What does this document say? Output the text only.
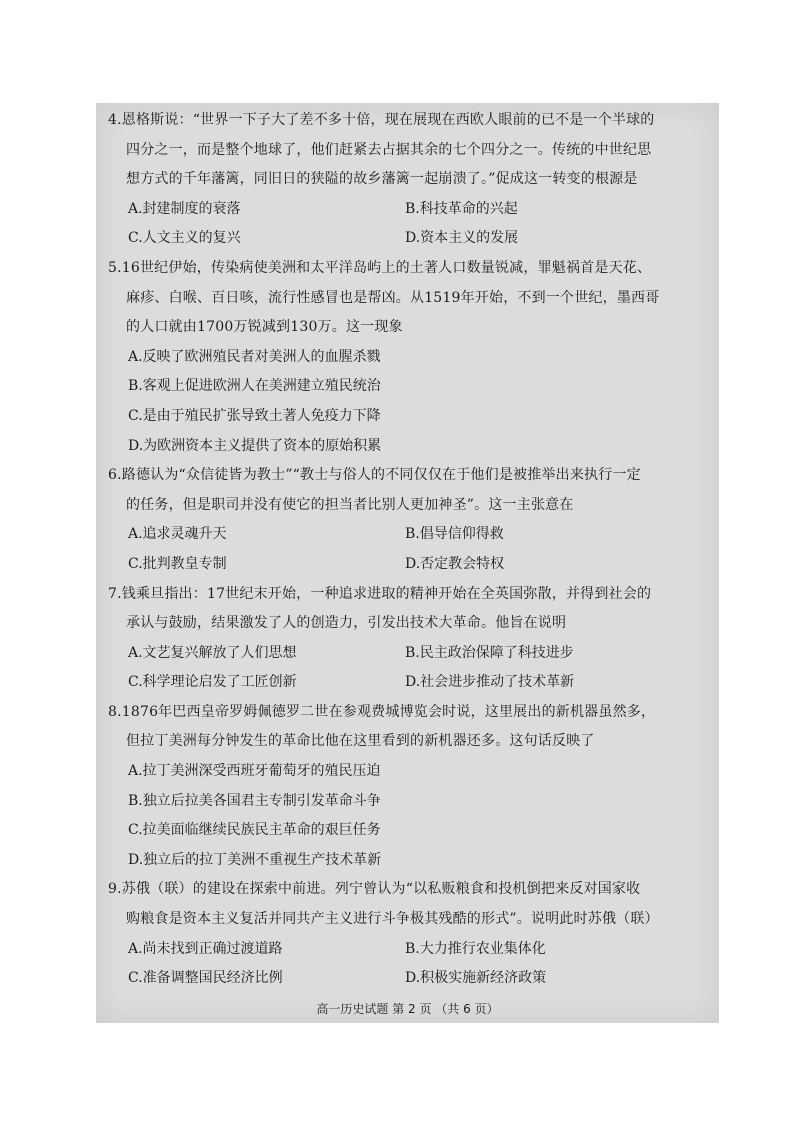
4.恩格斯说：“世界一下子大了差不多十倍，现在展现在西欧人眼前的已不是一个半球的
四分之一，而是整个地球了，他们赶紧去占据其余的七个四分之一。传统的中世纪思
想方式的千年藩篱，同旧日的狭隘的故乡藩篱一起崩溃了。”促成这一转变的根源是
A.封建制度的衰落	B.科技革命的兴起
C.人文主义的复兴	D.资本主义的发展
5.16世纪伊始，传染病使美洲和太平洋岛屿上的土著人口数量锐减，罪魁祸首是天花、
麻疹、白喉、百日咳，流行性感冒也是帮凶。从1519年开始，不到一个世纪，墨西哥
的人口就由1700万锐减到130万。这一现象
A.反映了欧洲殖民者对美洲人的血腥杀戮
B.客观上促进欧洲人在美洲建立殖民统治
C.是由于殖民扩张导致土著人免疫力下降
D.为欧洲资本主义提供了资本的原始积累
6.路德认为“众信徒皆为教士”“教士与俗人的不同仅仅在于他们是被推举出来执行一定
的任务，但是职司并没有使它的担当者比别人更加神圣”。这一主张意在
A.追求灵魂升天	B.倡导信仰得救
C.批判教皇专制	D.否定教会特权
7.钱乘旦指出：17世纪末开始，一种追求进取的精神开始在全英国弥散，并得到社会的
承认与鼓励，结果激发了人的创造力，引发出技术大革命。他旨在说明
A.文艺复兴解放了人们思想	B.民主政治保障了科技进步
C.科学理论启发了工匠创新	D.社会进步推动了技术革新
8.1876年巴西皇帝罗姆佩德罗二世在参观费城博览会时说，这里展出的新机器虽然多，
但拉丁美洲每分钟发生的革命比他在这里看到的新机器还多。这句话反映了
A.拉丁美洲深受西班牙葡萄牙的殖民压迫
B.独立后拉美各国君主专制引发革命斗争
C.拉美面临继续民族民主革命的艰巨任务
D.独立后的拉丁美洲不重视生产技术革新
9.苏俄（联）的建设在探索中前进。列宁曾认为“以私贩粮食和投机倒把来反对国家收
购粮食是资本主义复活并同共产主义进行斗争极其残酷的形式”。说明此时苏俄（联）
A.尚未找到正确过渡道路	B.大力推行农业集体化
C.准备调整国民经济比例	D.积极实施新经济政策
高一历史试题 第 2 页 （共 6 页）
